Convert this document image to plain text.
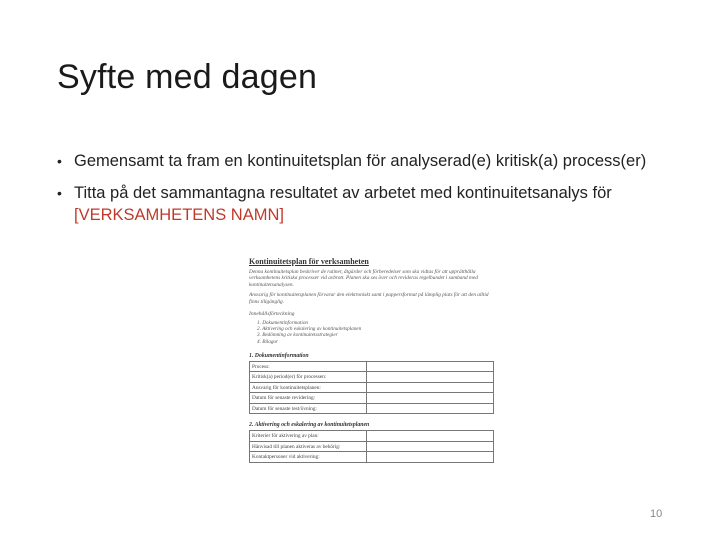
Syfte med dagen
• Gemensamt ta fram en kontinuitetsplan för analyserad(e) kritisk(a) process(er)
• Titta på det sammantagna resultatet av arbetet med kontinuitetsanalys för [VERKSAMHETENS NAMN]
Kontinuitetsplan för verksamheten
Denna kontinuitetsplan beskriver de rutiner, åtgärder och förberedelser som ska vidtas för att upprätthålla verksamhetens kritiska processer vid avbrott. Planen ska ses över och revideras regelbundet i samband med kontinuitetsanalysen.
Ansvarig för kontinuitetsplanen förvarar den elektroniskt samt i pappersformat på lämplig plats för att den alltid finns tillgänglig.
Innehållsförteckning
1. Dokumentinformation
2. Aktivering och eskalering av kontinuitetsplanen
3. Bedömning av kontinuitetsstrategier
4. Bilagor
1. Dokumentinformation
Process:	
Kritisk(a) period(er) för processen:	
Ansvarig för kontinuitetsplanen:	
Datum för senaste revidering:	
Datum för senaste test/övning:	
2. Aktivering och eskalering av kontinuitetsplanen
Kriterier för aktivering av plan:	
Hänvisad till planen aktiveras av behörig:	
Kontaktpersoner vid aktivering:	
10
